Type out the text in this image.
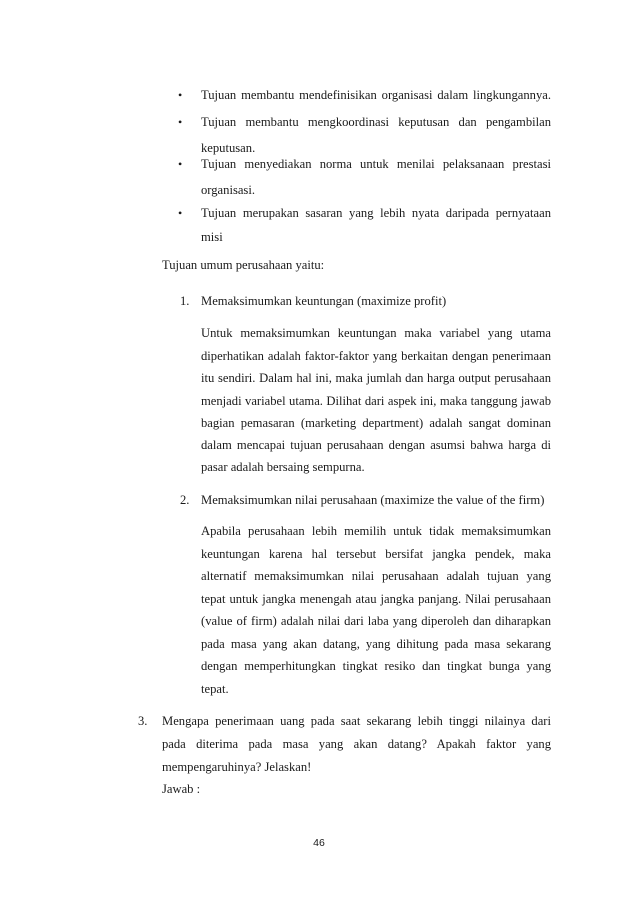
• Tujuan membantu mendefinisikan organisasi dalam lingkungannya.
• Tujuan membantu mengkoordinasi keputusan dan pengambilan
keputusan.
• Tujuan menyediakan norma untuk menilai pelaksanaan prestasi
organisasi.
• Tujuan merupakan sasaran yang lebih nyata daripada pernyataan
misi
Tujuan umum perusahaan yaitu:
1. Memaksimumkan keuntungan (maximize profit)
Untuk memaksimumkan keuntungan maka variabel yang utama
diperhatikan adalah faktor-faktor yang berkaitan dengan penerimaan
itu sendiri. Dalam hal ini, maka jumlah dan harga output perusahaan
menjadi variabel utama. Dilihat dari aspek ini, maka tanggung jawab
bagian pemasaran (marketing department) adalah sangat dominan
dalam mencapai tujuan perusahaan dengan asumsi bahwa harga di
pasar adalah bersaing sempurna.
2. Memaksimumkan nilai perusahaan (maximize the value of the firm)
Apabila perusahaan lebih memilih untuk tidak memaksimumkan
keuntungan karena hal tersebut bersifat jangka pendek, maka
alternatif memaksimumkan nilai perusahaan adalah tujuan yang
tepat untuk jangka menengah atau jangka panjang. Nilai perusahaan
(value of firm) adalah nilai dari laba yang diperoleh dan diharapkan
pada masa yang akan datang, yang dihitung pada masa sekarang
dengan memperhitungkan tingkat resiko dan tingkat bunga yang
tepat.
3. Mengapa penerimaan uang pada saat sekarang lebih tinggi nilainya dari
pada diterima pada masa yang akan datang? Apakah faktor yang
mempengaruhinya? Jelaskan!
Jawab :
46
